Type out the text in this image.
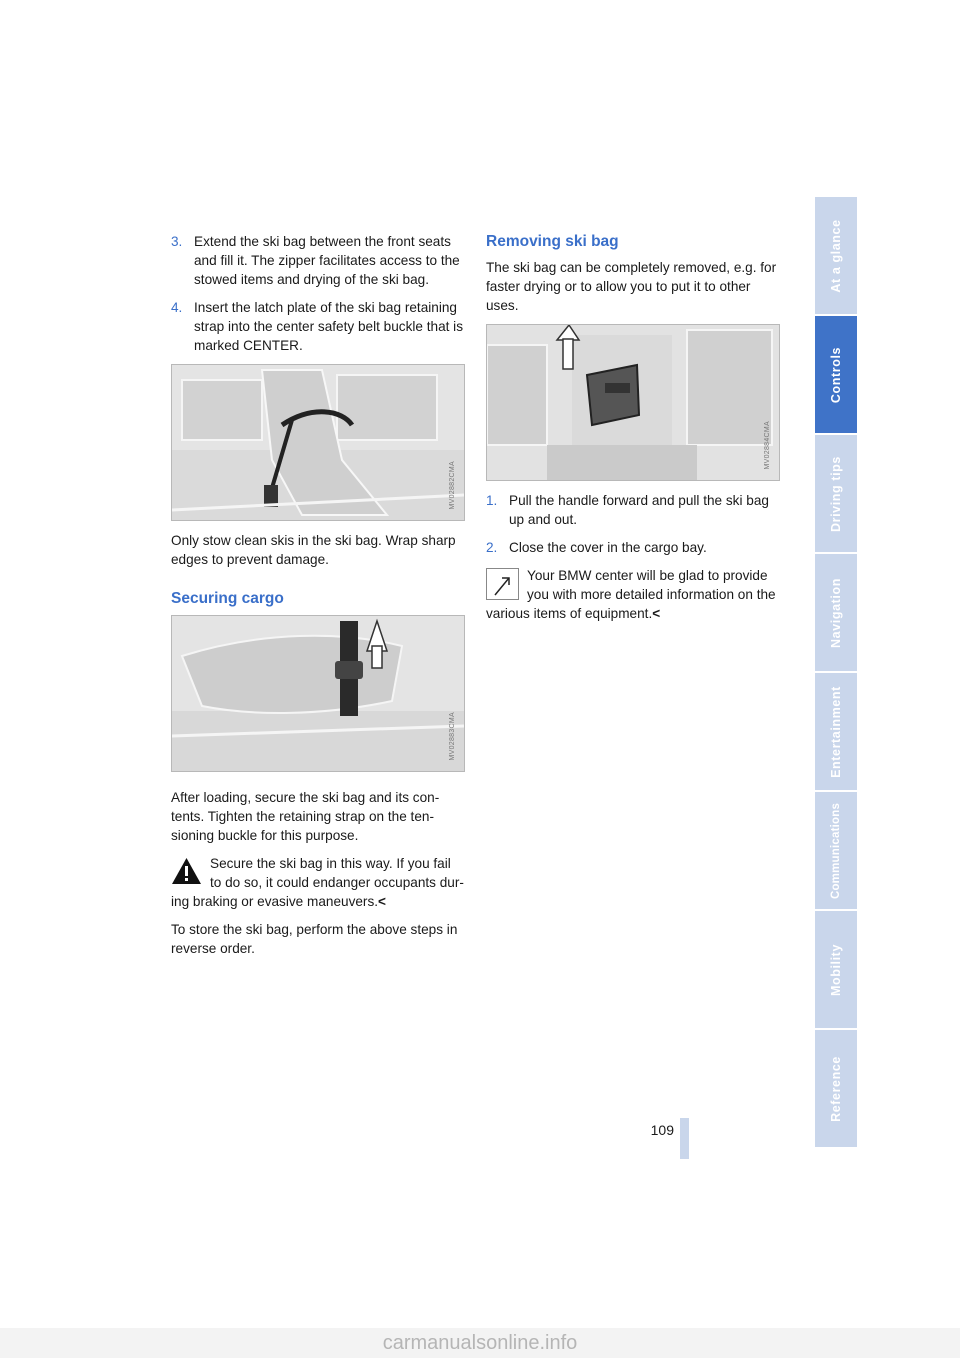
3. Extend the ski bag between the front seats and fill it. The zipper facilitates access to the stowed items and drying of the ski bag.
4. Insert the latch plate of the ski bag retaining strap into the center safety belt buckle that is marked CENTER.
MV02882CMA

Only stow clean skis in the ski bag. Wrap sharp edges to prevent damage.

Securing cargo
MV02883CMA

After loading, secure the ski bag and its con- tents. Tighten the retaining strap on the ten- sioning buckle for this purpose.

Secure the ski bag in this way. If you fail to do so, it could endanger occupants dur- ing braking or evasive maneuvers.<

To store the ski bag, perform the above steps in reverse order.

Removing ski bag

The ski bag can be completely removed, e.g. for faster drying or to allow you to put it to other uses.

MV02884CMA
1. Pull the handle forward and pull the ski bag up and out.
2. Close the cover in the cargo bay.
Your BMW center will be glad to provide you with more detailed information on the various items of equipment.<
At a glance
Controls
Driving tips
Navigation
Entertainment
Communications
Mobility
Reference
109
carmanualsonline.info
